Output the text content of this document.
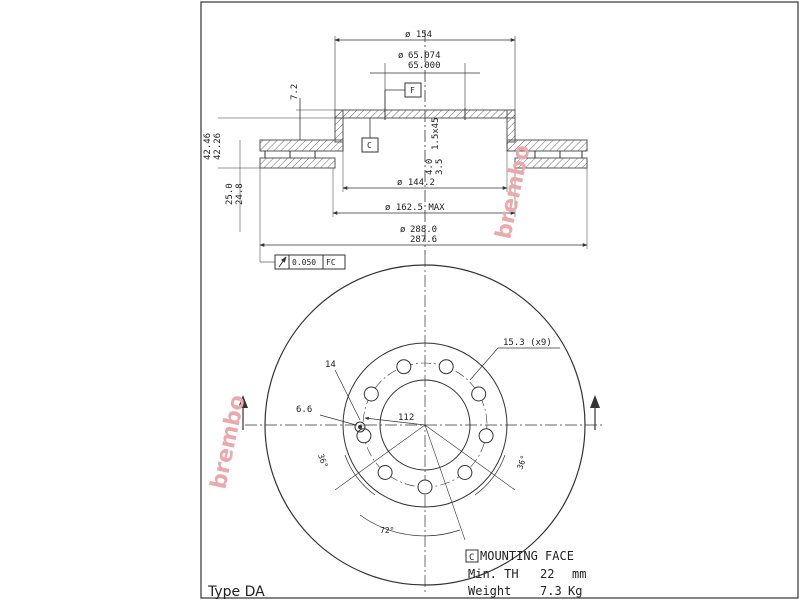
ø 154
ø 65.074
65.000
7.2	F
C
42.46 42.26
25.0 24.8
1.5x45
4.0 3.5
ø 144.2
ø 162.5 MAX
ø 288.0
287.6
0.050 FC
15.3 (x9)
14
6.6
112
36°	36°
72°
brembo
brembo
C MOUNTING FACE
Min. TH 22 mm
Weight 7.3 Kg
Type DA
